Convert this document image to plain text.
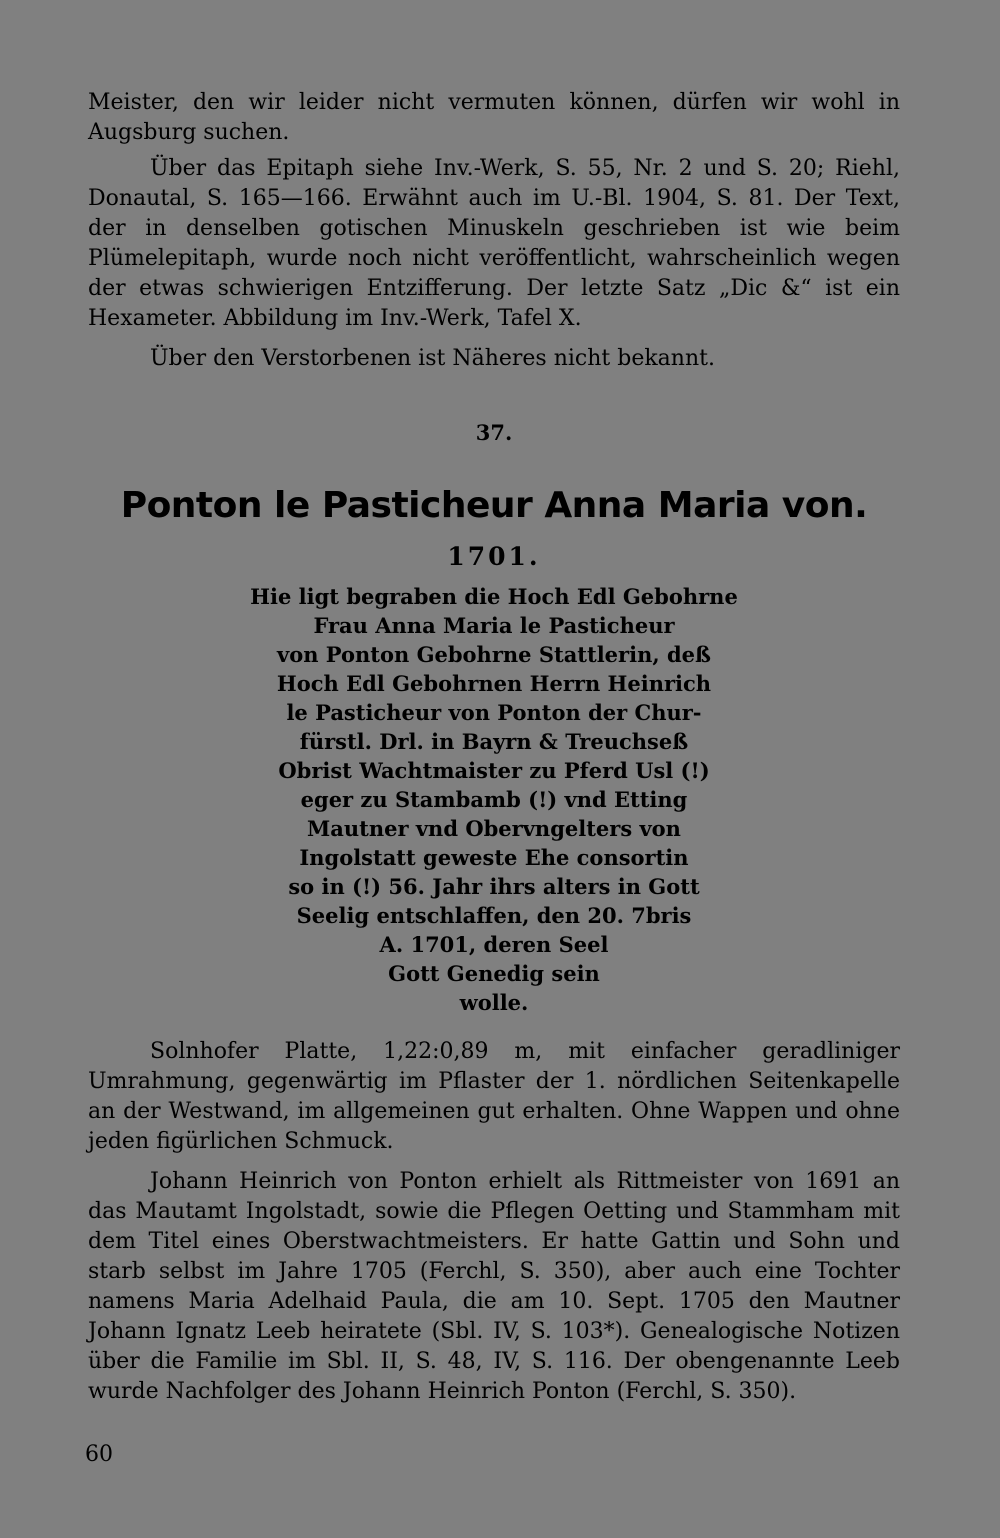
Meister, den wir leider nicht vermuten können, dürfen wir wohl in Augsburg suchen.

Über das Epitaph siehe Inv.-Werk, S. 55, Nr. 2 und S. 20; Riehl, Donautal, S. 165—166. Erwähnt auch im U.-Bl. 1904, S. 81. Der Text, der in denselben gotischen Minuskeln geschrieben ist wie beim Plümelepitaph, wurde noch nicht veröffentlicht, wahrscheinlich wegen der etwas schwierigen Entzifferung. Der letzte Satz „Dic &“ ist ein Hexameter. Abbildung im Inv.-Werk, Tafel X.

Über den Verstorbenen ist Näheres nicht bekannt.

37.
Ponton le Pasticheur Anna Maria von.
1701.
Hie ligt begraben die Hoch Edl Gebohrne
Frau Anna Maria le Pasticheur
von Ponton Gebohrne Stattlerin, deß
Hoch Edl Gebohrnen Herrn Heinrich
le Pasticheur von Ponton der Chur-
fürstl. Drl. in Bayrn & Treuchseß
Obrist Wachtmaister zu Pferd Usl (!)
eger zu Stambamb (!) vnd Etting
Mautner vnd Obervngelters von
Ingolstatt geweste Ehe consortin
so in (!) 56. Jahr ihrs alters in Gott
Seelig entschlaffen, den 20. 7bris
A. 1701, deren Seel
Gott Genedig sein
wolle.

Solnhofer Platte, 1,22:0,89 m, mit einfacher geradliniger Umrahmung, gegenwärtig im Pflaster der 1. nördlichen Seitenkapelle an der Westwand, im allgemeinen gut erhalten. Ohne Wappen und ohne jeden figürlichen Schmuck.

Johann Heinrich von Ponton erhielt als Rittmeister von 1691 an das Mautamt Ingolstadt, sowie die Pflegen Oetting und Stammham mit dem Titel eines Oberstwachtmeisters. Er hatte Gattin und Sohn und starb selbst im Jahre 1705 (Ferchl, S. 350), aber auch eine Tochter namens Maria Adelhaid Paula, die am 10. Sept. 1705 den Mautner Johann Ignatz Leeb heiratete (Sbl. IV, S. 103*). Genealogische Notizen über die Familie im Sbl. II, S. 48, IV, S. 116. Der obengenannte Leeb wurde Nachfolger des Johann Heinrich Ponton (Ferchl, S. 350).

60
